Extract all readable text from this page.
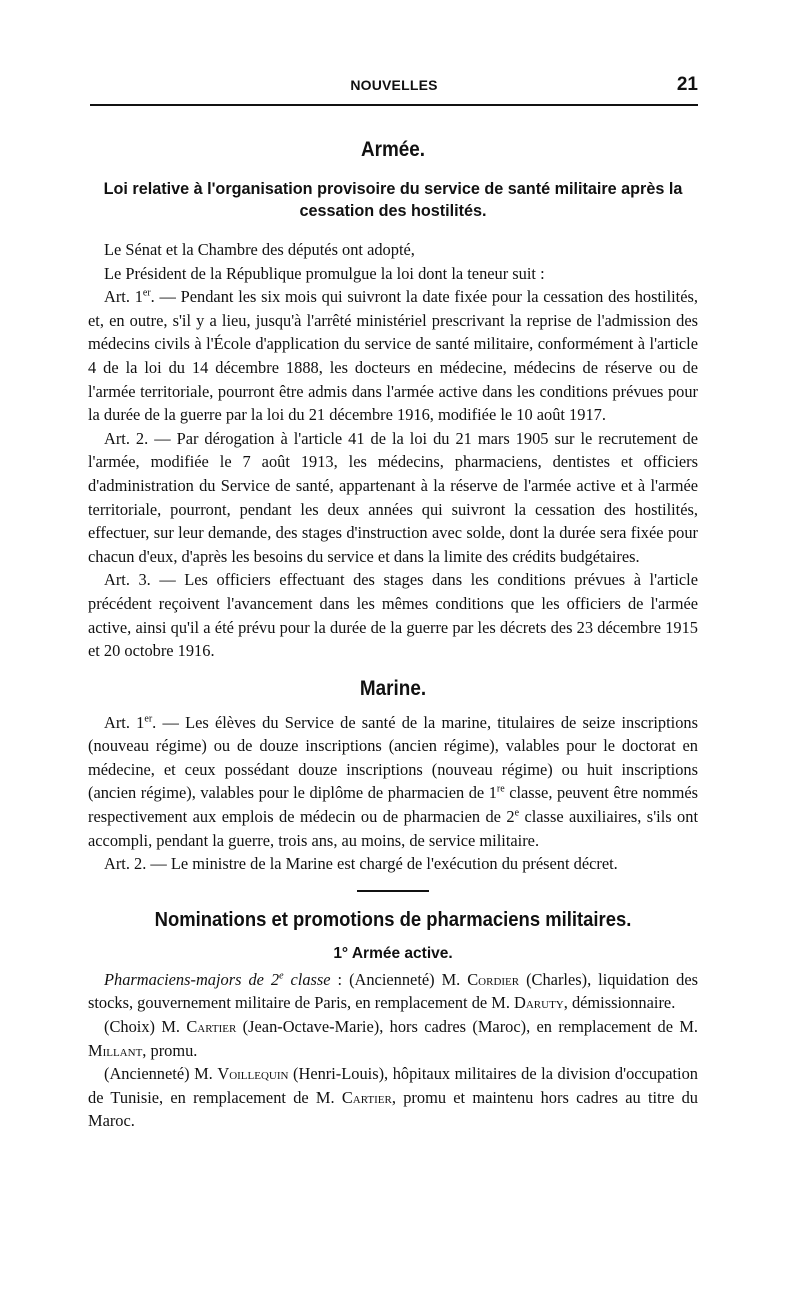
NOUVELLES	21
Armée.

Loi relative à l'organisation provisoire du service de santé militaire après la cessation des hostilités.

Le Sénat et la Chambre des députés ont adopté,

Le Président de la République promulgue la loi dont la teneur suit :

Art. 1er. — Pendant les six mois qui suivront la date fixée pour la cessation des hostilités, et, en outre, s'il y a lieu, jusqu'à l'arrêté ministériel prescrivant la reprise de l'admission des médecins civils à l'École d'application du service de santé militaire, conformément à l'article 4 de la loi du 14 décembre 1888, les docteurs en médecine, médecins de réserve ou de l'armée territoriale, pourront être admis dans l'armée active dans les conditions prévues pour la durée de la guerre par la loi du 21 décembre 1916, modifiée le 10 août 1917.

Art. 2. — Par dérogation à l'article 41 de la loi du 21 mars 1905 sur le recrutement de l'armée, modifiée le 7 août 1913, les médecins, pharmaciens, dentistes et officiers d'administration du Service de santé, appartenant à la réserve de l'armée active et à l'armée territoriale, pourront, pendant les deux années qui suivront la cessation des hostilités, effectuer, sur leur demande, des stages d'instruction avec solde, dont la durée sera fixée pour chacun d'eux, d'après les besoins du service et dans la limite des crédits budgétaires.

Art. 3. — Les officiers effectuant des stages dans les conditions prévues à l'article précédent reçoivent l'avancement dans les mêmes conditions que les officiers de l'armée active, ainsi qu'il a été prévu pour la durée de la guerre par les décrets des 23 décembre 1915 et 20 octobre 1916.

Marine.

Art. 1er. — Les élèves du Service de santé de la marine, titulaires de seize inscriptions (nouveau régime) ou de douze inscriptions (ancien régime), valables pour le doctorat en médecine, et ceux possédant douze inscriptions (nouveau régime) ou huit inscriptions (ancien régime), valables pour le diplôme de pharmacien de 1re classe, peuvent être nommés respectivement aux emplois de médecin ou de pharmacien de 2e classe auxiliaires, s'ils ont accompli, pendant la guerre, trois ans, au moins, de service militaire.

Art. 2. — Le ministre de la Marine est chargé de l'exécution du présent décret.

Nominations et promotions de pharmaciens militaires.

1° Armée active.

Pharmaciens-majors de 2e classe : (Ancienneté) M. Cordier (Charles), liquidation des stocks, gouvernement militaire de Paris, en remplacement de M. Daruty, démissionnaire.

(Choix) M. Cartier (Jean-Octave-Marie), hors cadres (Maroc), en remplacement de M. Millant, promu.

(Ancienneté) M. Voillequin (Henri-Louis), hôpitaux militaires de la division d'occupation de Tunisie, en remplacement de M. Cartier, promu et maintenu hors cadres au titre du Maroc.
